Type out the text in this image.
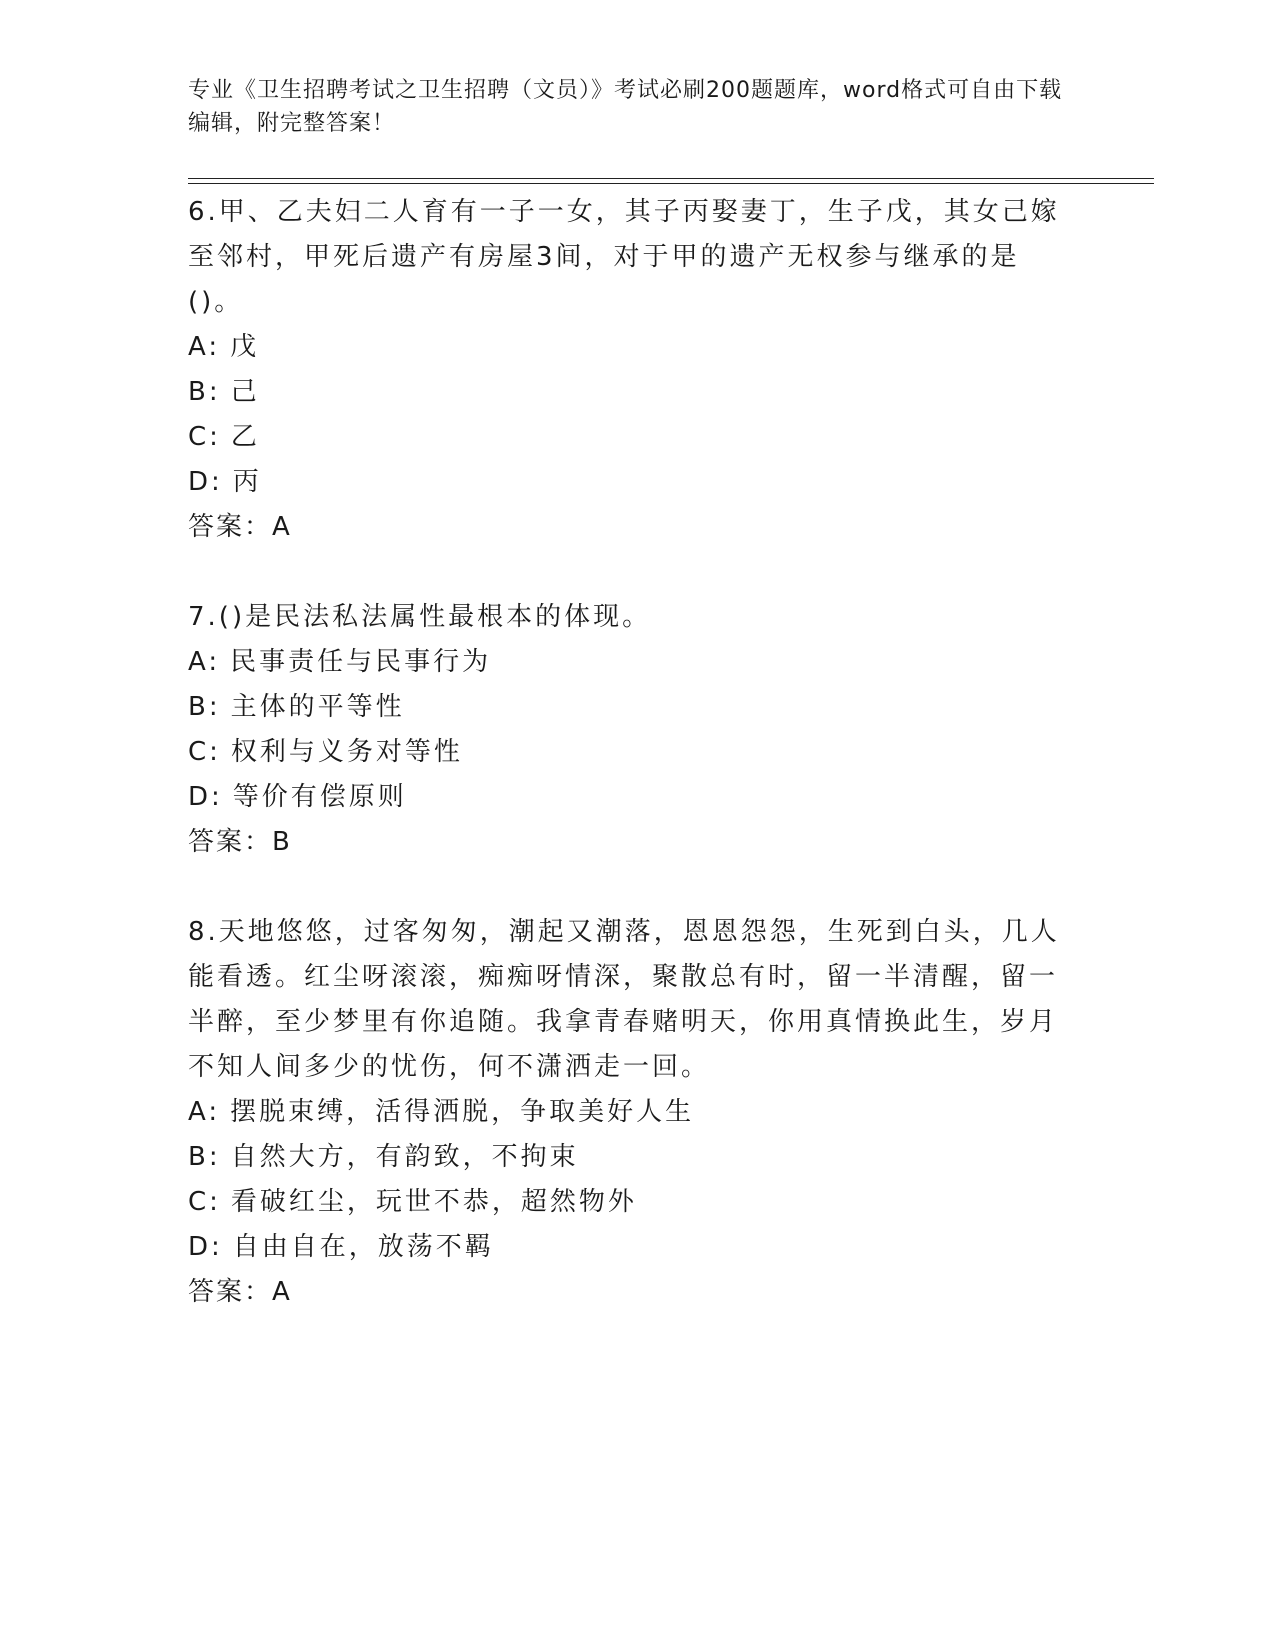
专业《卫生招聘考试之卫生招聘（文员）》考试必刷200题题库，word格式可自由下载编辑，附完整答案！
6.甲、乙夫妇二人育有一子一女，其子丙娶妻丁，生子戊，其女己嫁至邻村，甲死后遗产有房屋3间，对于甲的遗产无权参与继承的是()。
A: 戊
B: 己
C: 乙
D: 丙
答案：A
7.()是民法私法属性最根本的体现。
A: 民事责任与民事行为
B: 主体的平等性
C: 权利与义务对等性
D: 等价有偿原则
答案：B
8.天地悠悠，过客匆匆，潮起又潮落，恩恩怨怨，生死到白头，几人能看透。红尘呀滚滚，痴痴呀情深，聚散总有时，留一半清醒，留一半醉，至少梦里有你追随。我拿青春赌明天，你用真情换此生，岁月不知人间多少的忧伤，何不潇洒走一回。
A: 摆脱束缚，活得洒脱，争取美好人生
B: 自然大方，有韵致，不拘束
C: 看破红尘，玩世不恭，超然物外
D: 自由自在，放荡不羁
答案：A
